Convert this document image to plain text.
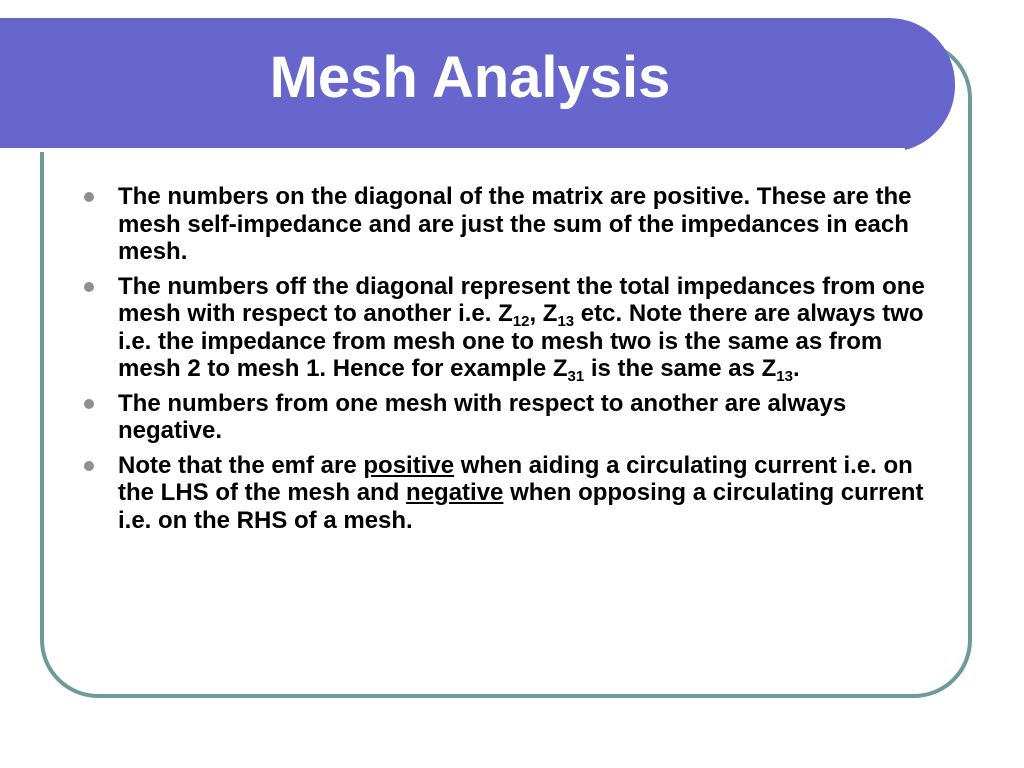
Mesh Analysis
The numbers on the diagonal of the matrix are positive. These are the mesh self-impedance and are just the sum of the impedances in each mesh.
The numbers off the diagonal represent the total impedances from one mesh with respect to another i.e. $Z_{12}$, $Z_{13}$ etc. Note there are always two i.e. the impedance from mesh one to mesh two is the same as from mesh 2 to mesh 1. Hence for example $Z_{31}$ is the same as $Z_{13}$.
The numbers from one mesh with respect to another are always negative.
Note that the emf are positive when aiding a circulating current i.e. on the LHS of the mesh and negative when opposing a circulating current i.e. on the RHS of a mesh.
